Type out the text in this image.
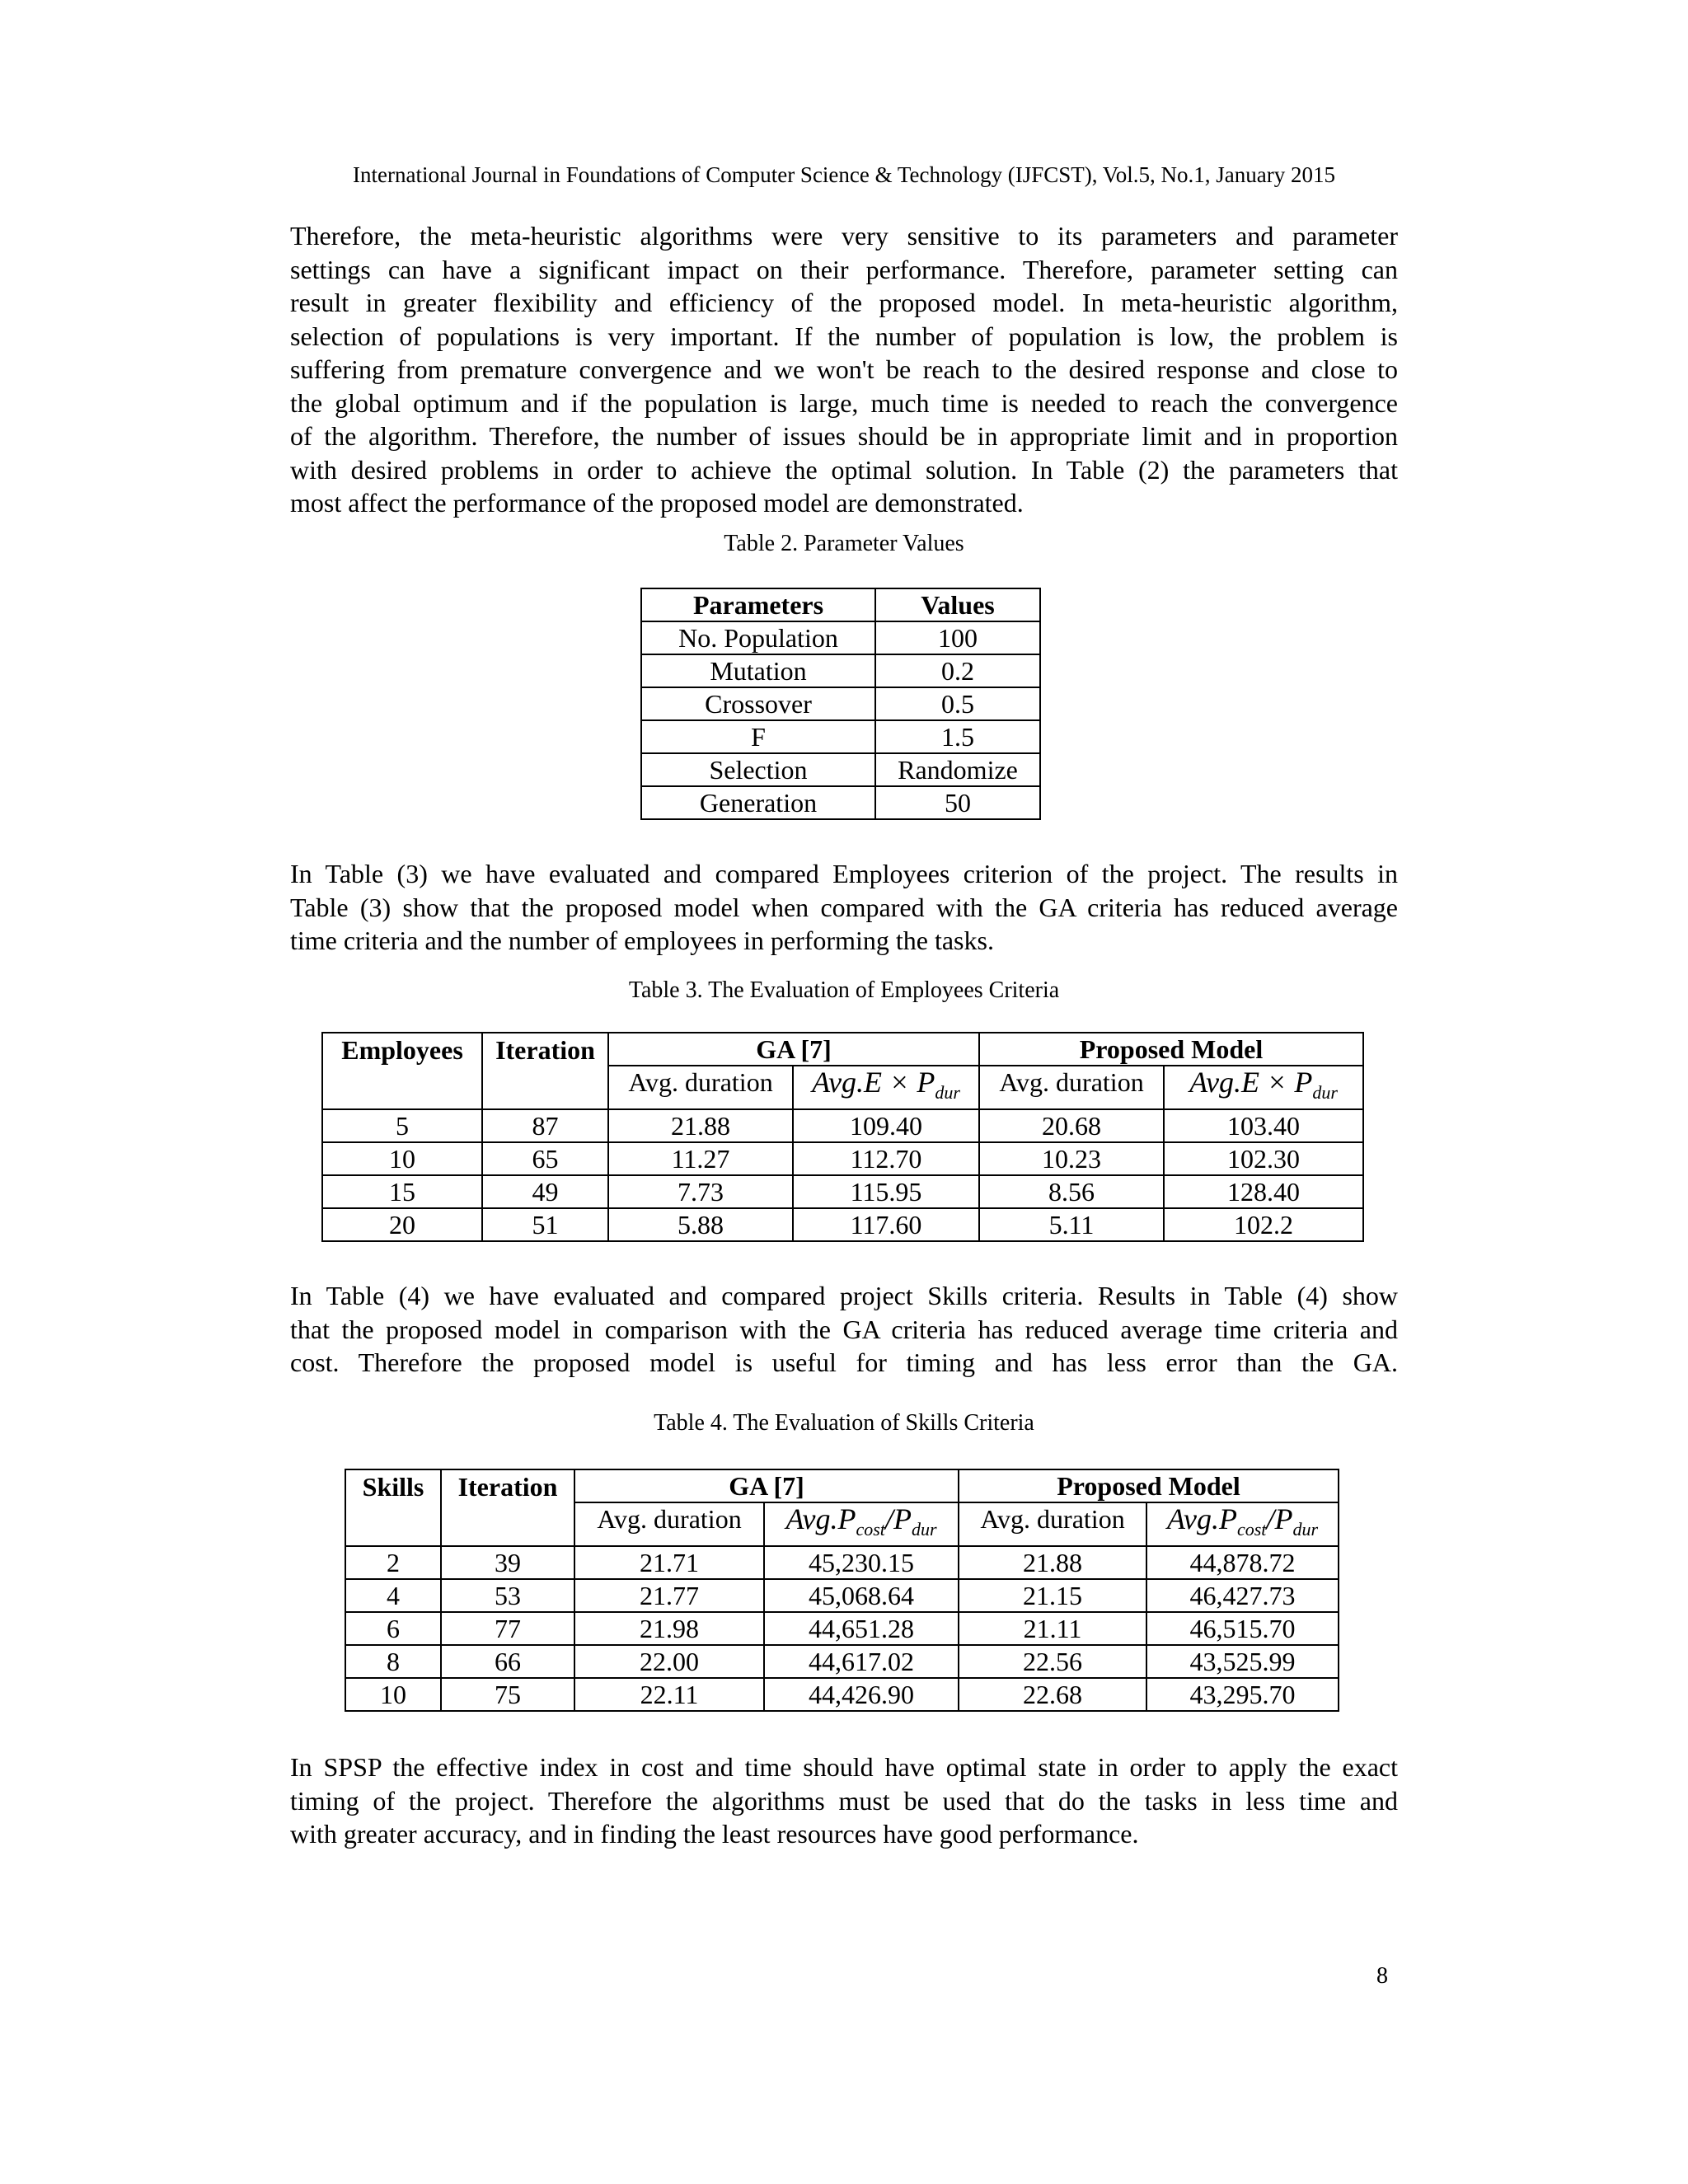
International Journal in Foundations of Computer Science & Technology (IJFCST), Vol.5, No.1, January 2015
Therefore, the meta-heuristic algorithms were very sensitive to its parameters and parameter
settings can have a significant impact on their performance. Therefore, parameter setting can
result in greater flexibility and efficiency of the proposed model. In meta-heuristic algorithm,
selection of populations is very important. If the number of population is low, the problem is
suffering from premature convergence and we won't be reach to the desired response and close to
the global optimum and if the population is large, much time is needed to reach the convergence
of the algorithm. Therefore, the number of issues should be in appropriate limit and in proportion
with desired problems in order to achieve the optimal solution. In Table (2) the parameters that
most affect the performance of the proposed model are demonstrated.
Table 2. Parameter Values
Parameters	Values
No. Population	100
Mutation	0.2
Crossover	0.5
F	1.5
Selection	Randomize
Generation	50
In Table (3) we have evaluated and compared Employees criterion of the project. The results in
Table (3) show that the proposed model when compared with the GA criteria has reduced average
time criteria and the number of employees in performing the tasks.
Table 3. The Evaluation of Employees Criteria
Employees	Iteration	GA [7]		Proposed Model	
		Avg. duration	$Avg.E \times P_{dur}$	Avg. duration	$Avg.E \times P_{dur}$
5	87	21.88	109.40	20.68	103.40
10	65	11.27	112.70	10.23	102.30
15	49	7.73	115.95	8.56	128.40
20	51	5.88	117.60	5.11	102.2
In Table (4) we have evaluated and compared project Skills criteria. Results in Table (4) show
that the proposed model in comparison with the GA criteria has reduced average time criteria and
cost. Therefore the proposed model is useful for timing and has less error than the GA.
Table 4. The Evaluation of Skills Criteria
Skills	Iteration	GA [7]		Proposed Model	
		Avg. duration	$Avg.P_{cost}/P_{dur}$	Avg. duration	$Avg.P_{cost}/P_{dur}$
2	39	21.71	45,230.15	21.88	44,878.72
4	53	21.77	45,068.64	21.15	46,427.73
6	77	21.98	44,651.28	21.11	46,515.70
8	66	22.00	44,617.02	22.56	43,525.99
10	75	22.11	44,426.90	22.68	43,295.70
In SPSP the effective index in cost and time should have optimal state in order to apply the exact
timing of the project. Therefore the algorithms must be used that do the tasks in less time and
with greater accuracy, and in finding the least resources have good performance.
8
